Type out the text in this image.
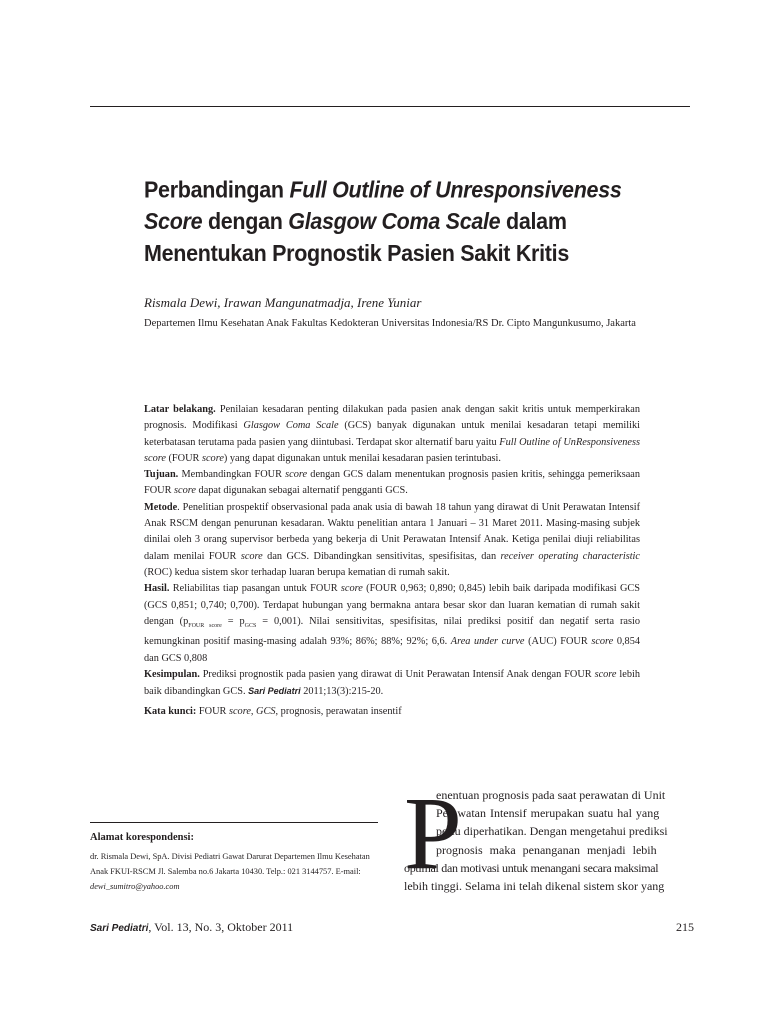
Perbandingan Full Outline of Unresponsiveness
Score dengan Glasgow Coma Scale dalam
Menentukan Prognostik Pasien Sakit Kritis
Rismala Dewi, Irawan Mangunatmadja, Irene Yuniar
Departemen Ilmu Kesehatan Anak Fakultas Kedokteran Universitas Indonesia/RS Dr. Cipto Mangunkusumo, Jakarta

Latar belakang. Penilaian kesadaran penting dilakukan pada pasien anak dengan sakit kritis untuk memperkirakan prognosis. Modifikasi Glasgow Coma Scale (GCS) banyak digunakan untuk menilai kesadaran tetapi memiliki keterbatasan terutama pada pasien yang diintubasi. Terdapat skor alternatif baru yaitu Full Outline of UnResponsiveness score (FOUR score) yang dapat digunakan untuk menilai kesadaran pasien terintubasi.

Tujuan. Membandingkan FOUR score dengan GCS dalam menentukan prognosis pasien kritis, sehingga pemeriksaan FOUR score dapat digunakan sebagai alternatif pengganti GCS.

Metode. Penelitian prospektif observasional pada anak usia di bawah 18 tahun yang dirawat di Unit Perawatan Intensif Anak RSCM dengan penurunan kesadaran. Waktu penelitian antara 1 Januari – 31 Maret 2011. Masing-masing subjek dinilai oleh 3 orang supervisor berbeda yang bekerja di Unit Perawatan Intensif Anak. Ketiga penilai diuji reliabilitas dalam menilai FOUR score dan GCS. Dibandingkan sensitivitas, spesifisitas, dan receiver operating characteristic (ROC) kedua sistem skor terhadap luaran berupa kematian di rumah sakit.

Hasil. Reliabilitas tiap pasangan untuk FOUR score (FOUR 0,963; 0,890; 0,845) lebih baik daripada modifikasi GCS (GCS 0,851; 0,740; 0,700). Terdapat hubungan yang bermakna antara besar skor dan luaran kematian di rumah sakit dengan $(p_{FOUR score} = p_{GCS} = 0,001)$. Nilai sensitivitas, spesifisitas, nilai prediksi positif dan negatif serta rasio kemungkinan positif masing-masing adalah 93%; 86%; 88%; 92%; 6,6. Area under curve (AUC) FOUR score 0,854 dan GCS 0,808

Kesimpulan. Prediksi prognostik pada pasien yang dirawat di Unit Perawatan Intensif Anak dengan FOUR score lebih baik dibandingkan GCS. Sari Pediatri 2011;13(3):215-20.

Kata kunci: FOUR score, GCS, prognosis, perawatan insentif
Alamat korespondensi:
dr. Rismala Dewi, SpA. Divisi Pediatri Gawat Darurat Departemen Ilmu Kesehatan Anak FKUI-RSCM Jl. Salemba no.6 Jakarta 10430. Telp.: 021 3144757. E-mail: dewi_sumitro@yahoo.com	P
enentuan prognosis pada saat perawatan di Unit
Perawatan Intensif merupakan suatu hal yang
perlu diperhatikan. Dengan mengetahui prediksi
prognosis maka penanganan menjadi lebih
optimal dan motivasi untuk menangani secara maksimal
lebih tinggi. Selama ini telah dikenal sistem skor yang
Sari Pediatri, Vol. 13, No. 3, Oktober 2011	215
